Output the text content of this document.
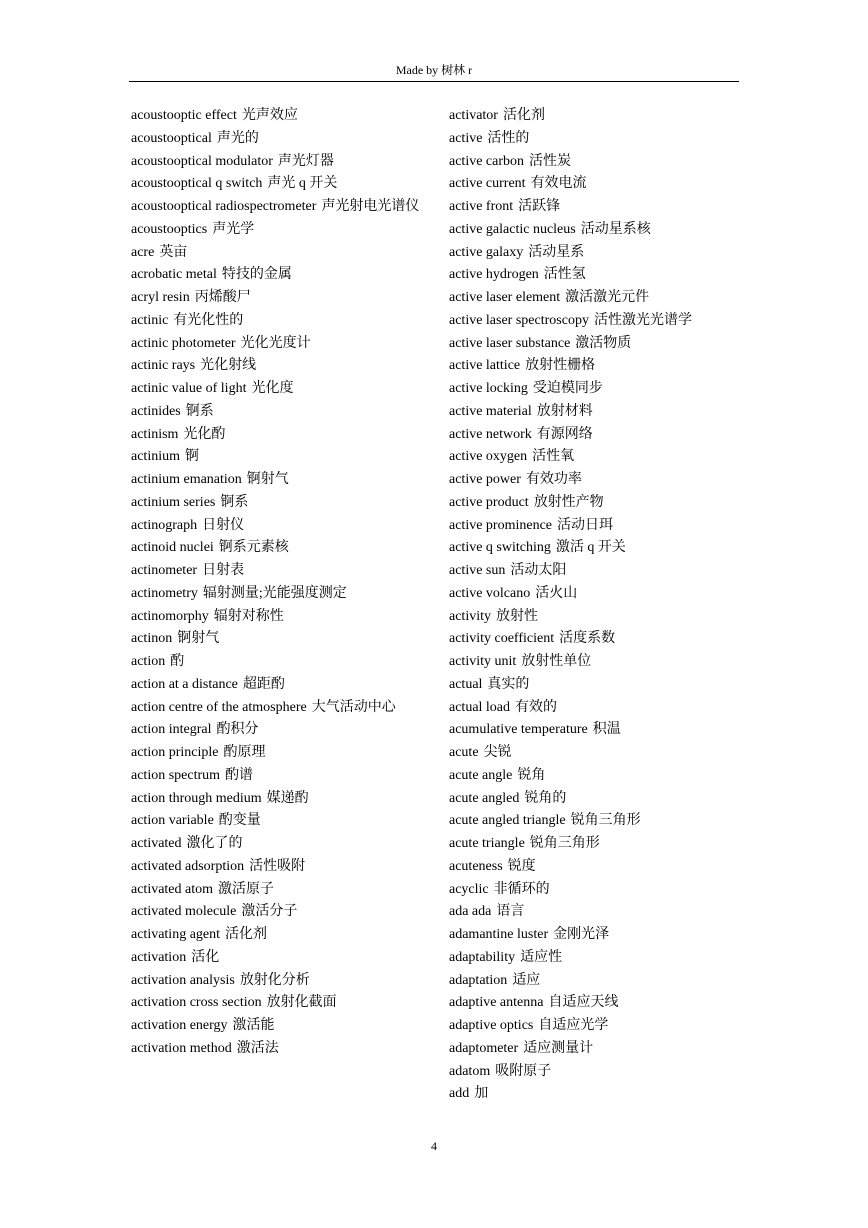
Made by 树林 r
acoustooptic effect 光声效应
acoustooptical 声光的
acoustooptical modulator 声光灯器
acoustooptical q switch 声光 q 开关
acoustooptical radiospectrometer 声光射电光谱仪
acoustooptics 声光学
acre 英亩
acrobatic metal 特技的金属
acryl resin 丙烯酸尸
actinic 有光化性的
actinic photometer 光化光度计
actinic rays 光化射线
actinic value of light 光化度
actinides 锕系
actinism 光化酌
actinium 锕
actinium emanation 锕射气
actinium series 锕系
actinograph 日射仪
actinoid nuclei 锕系元素核
actinometer 日射表
actinometry 辐射测量;光能强度测定
actinomorphy 辐射对称性
actinon 锕射气
action 酌
action at a distance 超距酌
action centre of the atmosphere 大气活动中心
action integral 酌积分
action principle 酌原理
action spectrum 酌谱
action through medium 媒递酌
action variable 酌变量
activated 激化了的
activated adsorption 活性吸附
activated atom 激活原子
activated molecule 激活分子
activating agent 活化剂
activation 活化
activation analysis 放射化分析
activation cross section 放射化截面
activation energy 激活能
activation method 激活法
activator 活化剂
active 活性的
active carbon 活性炭
active current 有效电流
active front 活跃锋
active galactic nucleus 活动星系核
active galaxy 活动星系
active hydrogen 活性氢
active laser element 激活激光元件
active laser spectroscopy 活性激光光谱学
active laser substance 激活物质
active lattice 放射性栅格
active locking 受迫模同步
active material 放射材料
active network 有源网络
active oxygen 活性氧
active power 有效功率
active product 放射性产物
active prominence 活动日珥
active q switching 激活 q 开关
active sun 活动太阳
active volcano 活火山
activity 放射性
activity coefficient 活度系数
activity unit 放射性单位
actual 真实的
actual load 有效的
acumulative temperature 积温
acute 尖锐
acute angle 锐角
acute angled 锐角的
acute angled triangle 锐角三角形
acute triangle 锐角三角形
acuteness 锐度
acyclic 非循环的
ada ada 语言
adamantine luster 金刚光泽
adaptability 适应性
adaptation 适应
adaptive antenna 自适应天线
adaptive optics 自适应光学
adaptometer 适应测量计
adatom 吸附原子
add 加
4
